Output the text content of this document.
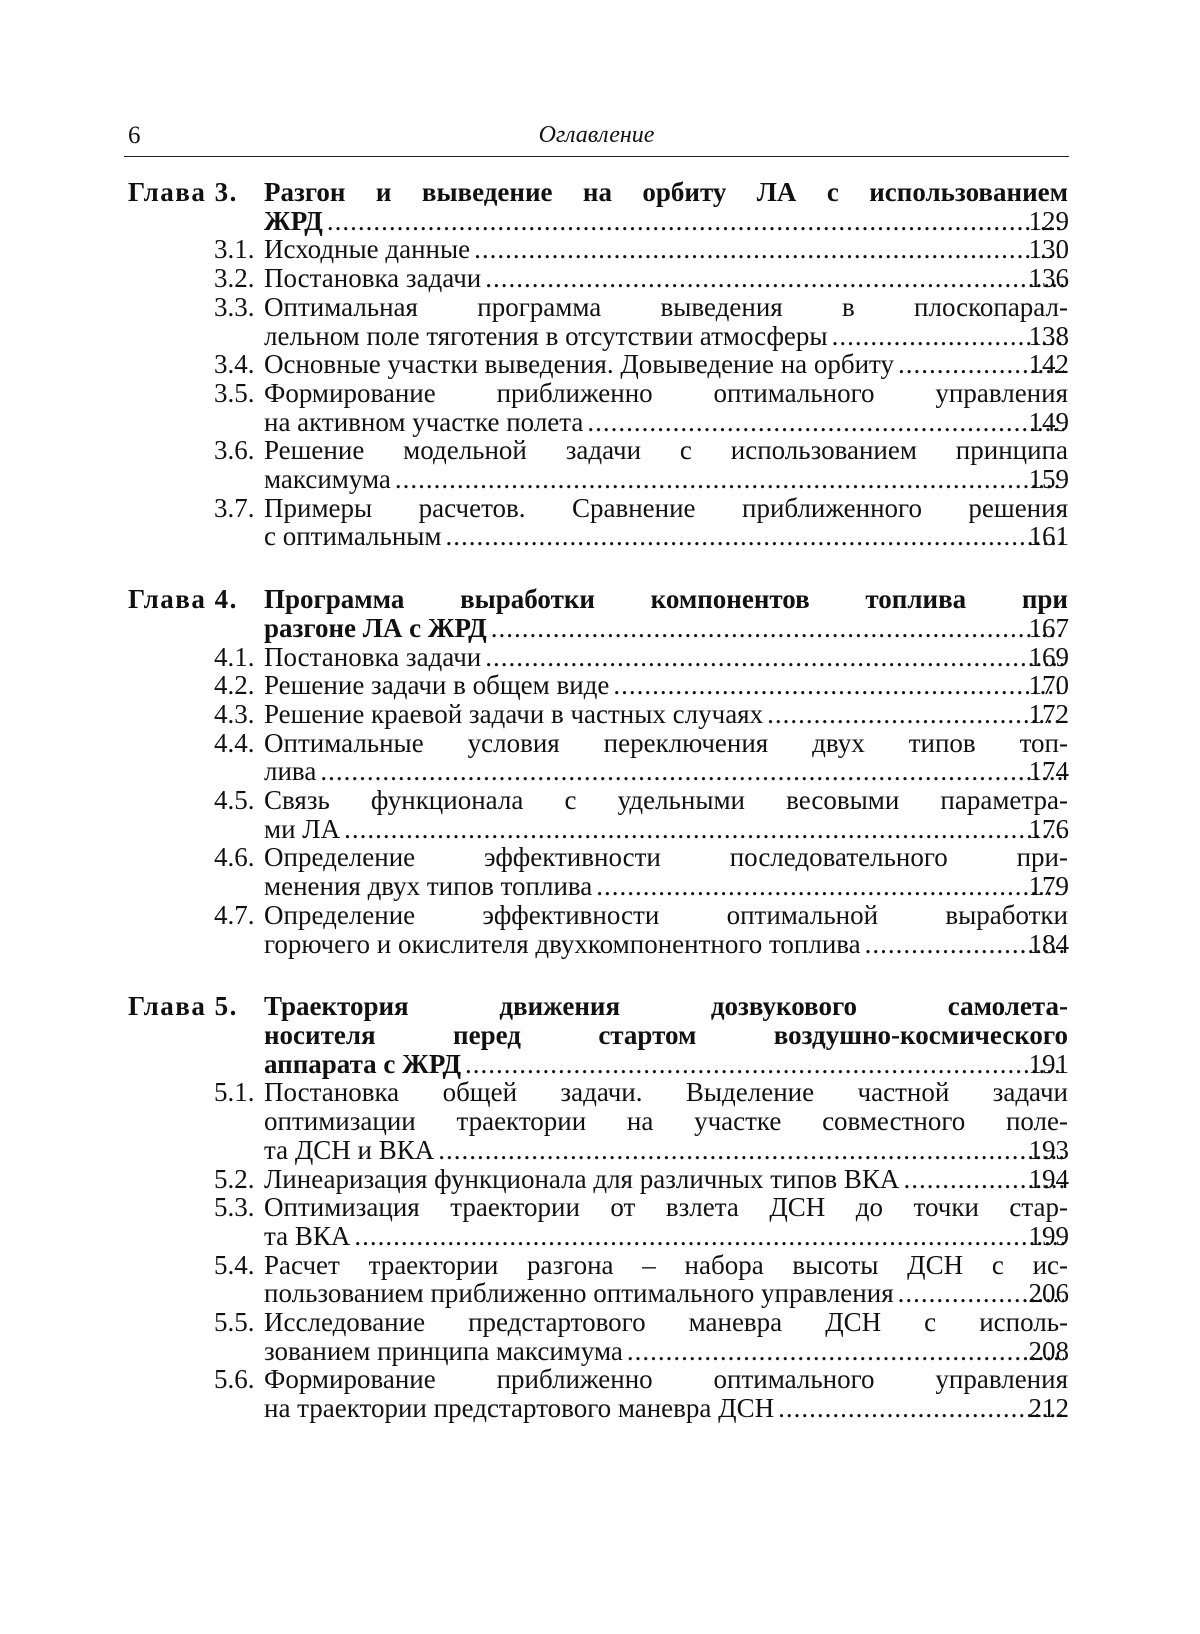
6	Оглавление
Глава 3. Разгон и выведение на орбиту ЛА с использованием
ЖРД .....	129
3.1. Исходные данные .....	130
3.2. Постановка задачи .....	136
3.3. Оптимальная программа выведения в плоскопарал-
лельном поле тяготения в отсутствии атмосферы .....	138
3.4. Основные участки выведения. Довыведение на орбиту .....	142
3.5. Формирование приближенно оптимального управления
на активном участке полета .....	149
3.6. Решение модельной задачи с использованием принципа
максимума .....	159
3.7. Примеры расчетов. Сравнение приближенного решения
с оптимальным .....	161
Глава 4. Программа выработки компонентов топлива при
разгоне ЛА с ЖРД .....	167
4.1. Постановка задачи .....	169
4.2. Решение задачи в общем виде .....	170
4.3. Решение краевой задачи в частных случаях .....	172
4.4. Оптимальные условия переключения двух типов топ-
лива .....	174
4.5. Связь функционала с удельными весовыми параметра-
ми ЛА .....	176
4.6. Определение эффективности последовательного при-
менения двух типов топлива .....	179
4.7. Определение эффективности оптимальной выработки
горючего и окислителя двухкомпонентного топлива .....	184
Глава 5. Траектория движения дозвукового самолета-
носителя перед стартом воздушно-космического
аппарата с ЖРД .....	191
5.1. Постановка общей задачи. Выделение частной задачи
оптимизации траектории на участке совместного поле-
та ДСН и ВКА .....	193
5.2. Линеаризация функционала для различных типов ВКА .....	194
5.3. Оптимизация траектории от взлета ДСН до точки стар-
та ВКА .....	199
5.4. Расчет траектории разгона – набора высоты ДСН с ис-
пользованием приближенно оптимального управления .....	206
5.5. Исследование предстартового маневра ДСН с исполь-
зованием принципа максимума .....	208
5.6. Формирование приближенно оптимального управления
на траектории предстартового маневра ДСН .....	212
